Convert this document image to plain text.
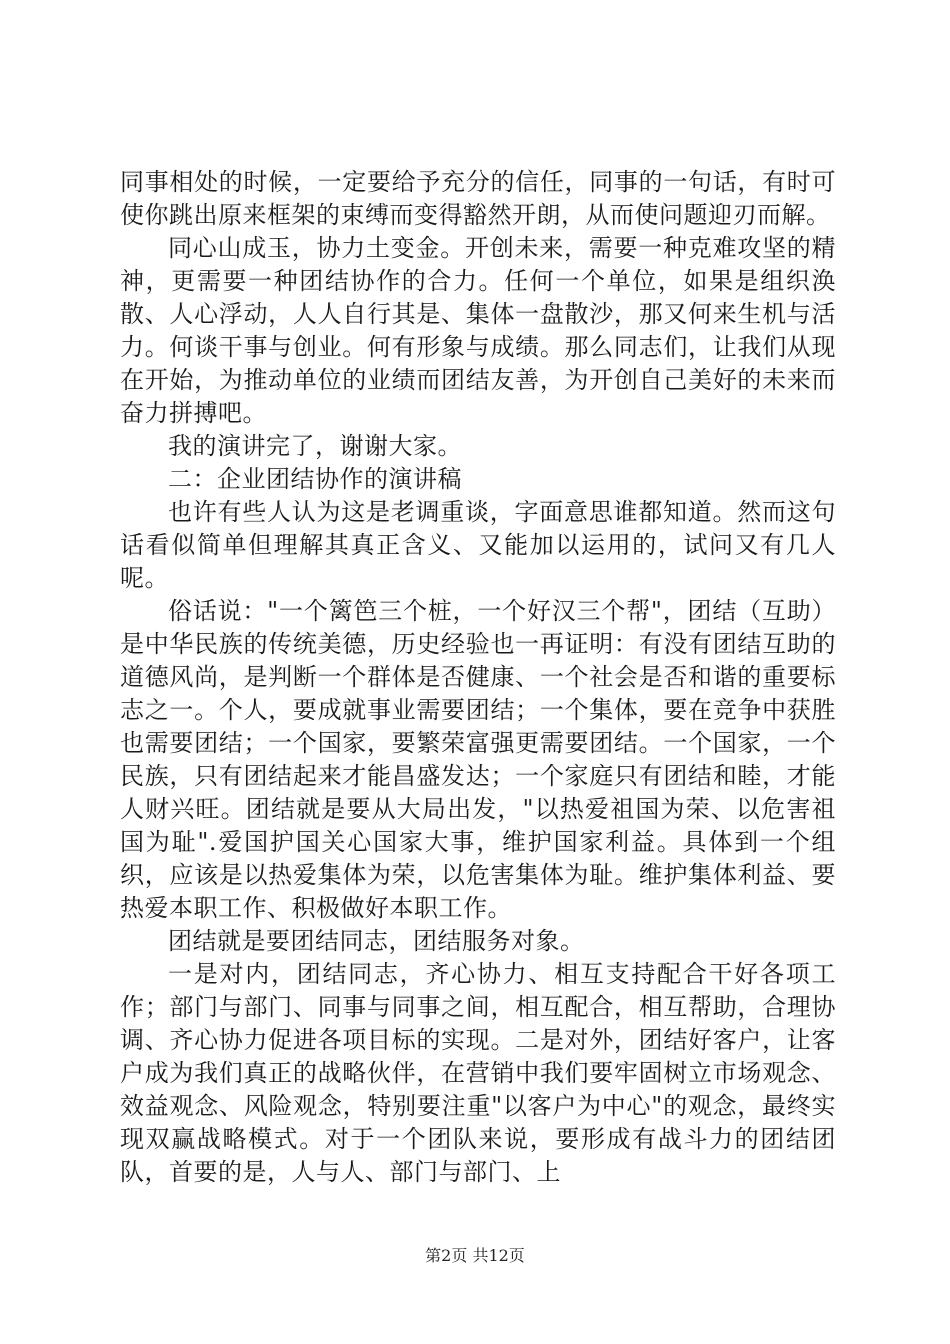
同事相处的时候，一定要给予充分的信任，同事的一句话，有时可使你跳出原来框架的束缚而变得豁然开朗，从而使问题迎刃而解。

同心山成玉，协力土变金。开创未来，需要一种克难攻坚的精神，更需要一种团结协作的合力。任何一个单位，如果是组织涣散、人心浮动，人人自行其是、集体一盘散沙，那又何来生机与活力。何谈干事与创业。何有形象与成绩。那么同志们，让我们从现在开始，为推动单位的业绩而团结友善，为开创自己美好的未来而奋力拼搏吧。

我的演讲完了，谢谢大家。

二：企业团结协作的演讲稿

也许有些人认为这是老调重谈，字面意思谁都知道。然而这句话看似简单但理解其真正含义、又能加以运用的，试问又有几人呢。

俗话说："一个篱笆三个桩，一个好汉三个帮"，团结（互助）是中华民族的传统美德，历史经验也一再证明：有没有团结互助的道德风尚，是判断一个群体是否健康、一个社会是否和谐的重要标志之一。个人，要成就事业需要团结；一个集体，要在竞争中获胜也需要团结；一个国家，要繁荣富强更需要团结。一个国家，一个民族，只有团结起来才能昌盛发达；一个家庭只有团结和睦，才能人财兴旺。团结就是要从大局出发，"以热爱祖国为荣、以危害祖国为耻".爱国护国关心国家大事，维护国家利益。具体到一个组织，应该是以热爱集体为荣，以危害集体为耻。维护集体利益、要热爱本职工作、积极做好本职工作。

团结就是要团结同志，团结服务对象。

一是对内，团结同志，齐心协力、相互支持配合干好各项工作；部门与部门、同事与同事之间，相互配合，相互帮助，合理协调、齐心协力促进各项目标的实现。二是对外，团结好客户，让客户成为我们真正的战略伙伴，在营销中我们要牢固树立市场观念、效益观念、风险观念，特别要注重"以客户为中心"的观念，最终实现双赢战略模式。对于一个团队来说，要形成有战斗力的团结团队，首要的是，人与人、部门与部门、上

第2页 共12页
